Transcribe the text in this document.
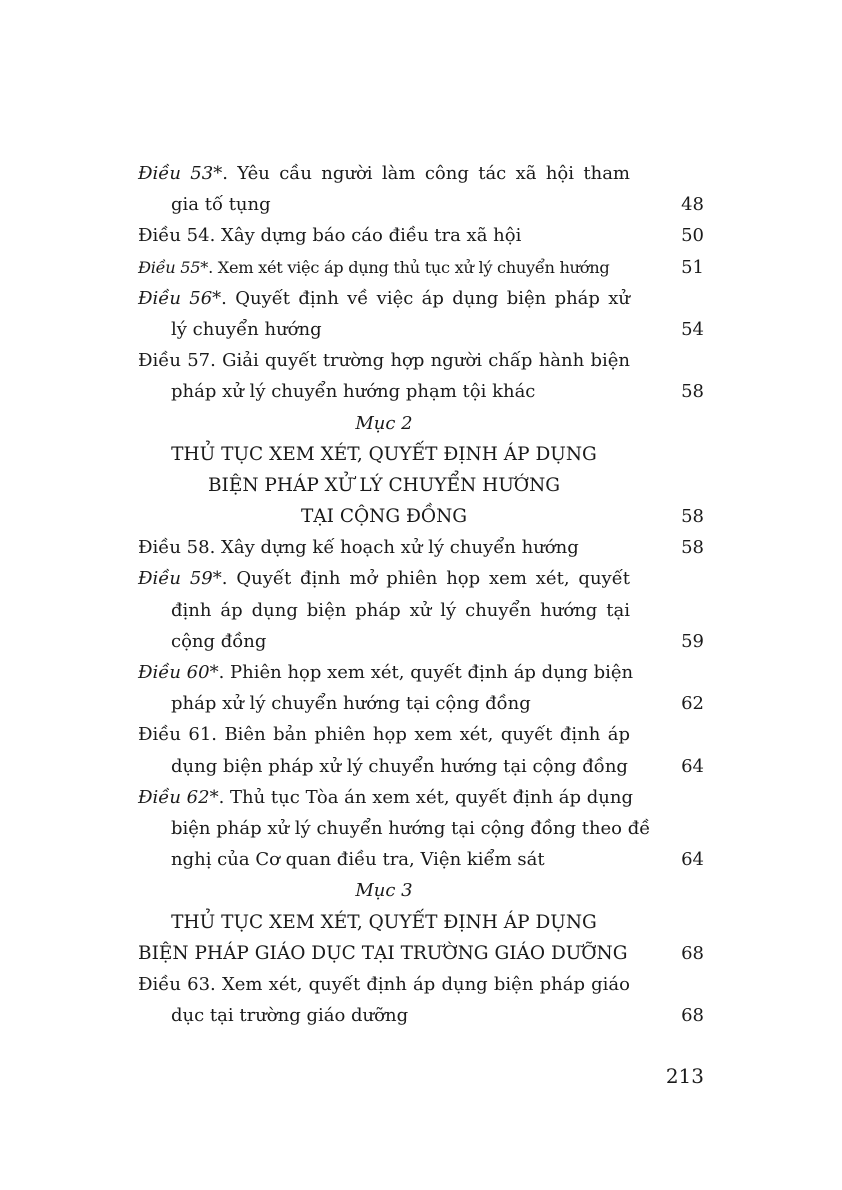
Điều 53*. Yêu cầu người làm công tác xã hội tham
gia tố tụng	48
Điều 54. Xây dựng báo cáo điều tra xã hội	50
Điều 55*. Xem xét việc áp dụng thủ tục xử lý chuyển hướng	51
Điều 56*. Quyết định về việc áp dụng biện pháp xử
lý chuyển hướng	54
Điều 57. Giải quyết trường hợp người chấp hành biện
pháp xử lý chuyển hướng phạm tội khác	58
Mục 2
THỦ TỤC XEM XÉT, QUYẾT ĐỊNH ÁP DỤNG
BIỆN PHÁP XỬ LÝ CHUYỂN HƯỚNG
TẠI CỘNG ĐỒNG	58
Điều 58. Xây dựng kế hoạch xử lý chuyển hướng	58
Điều 59*. Quyết định mở phiên họp xem xét, quyết
định áp dụng biện pháp xử lý chuyển hướng tại
cộng đồng	59
Điều 60*. Phiên họp xem xét, quyết định áp dụng biện
pháp xử lý chuyển hướng tại cộng đồng	62
Điều 61. Biên bản phiên họp xem xét, quyết định áp
dụng biện pháp xử lý chuyển hướng tại cộng đồng	64
Điều 62*. Thủ tục Tòa án xem xét, quyết định áp dụng
biện pháp xử lý chuyển hướng tại cộng đồng theo đề
nghị của Cơ quan điều tra, Viện kiểm sát	64
Mục 3
THỦ TỤC XEM XÉT, QUYẾT ĐỊNH ÁP DỤNG
BIỆN PHÁP GIÁO DỤC TẠI TRƯỜNG GIÁO DƯỠNG	68
Điều 63. Xem xét, quyết định áp dụng biện pháp giáo
dục tại trường giáo dưỡng	68
213
